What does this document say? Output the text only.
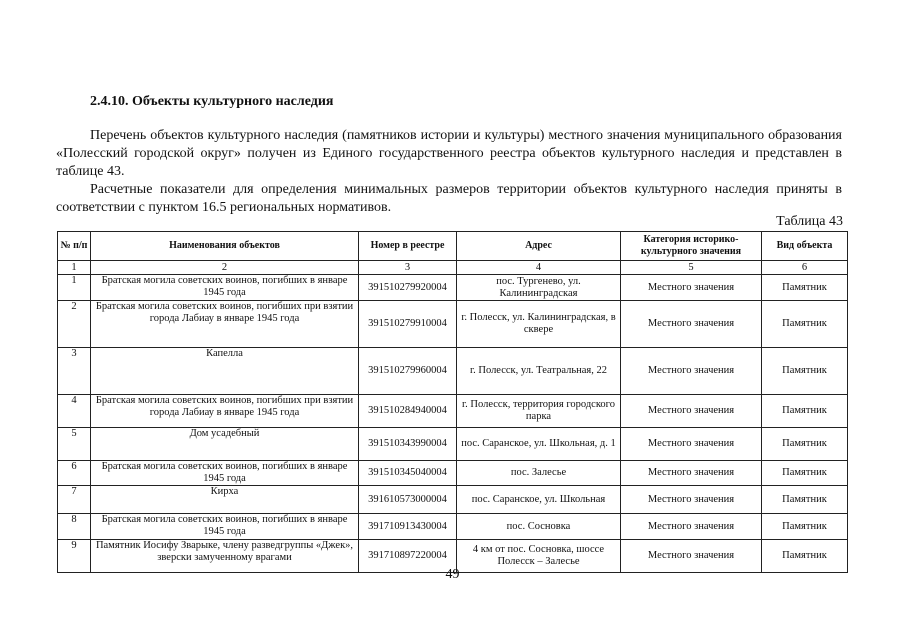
2.4.10. Объекты культурного наследия
Перечень объектов культурного наследия (памятников истории и культуры) местного значения муниципального образования «Полесский городской округ» получен из Единого государственного реестра объектов культурного наследия и представлен в таблице 43.
Расчетные показатели для определения минимальных размеров территории объектов культурного наследия приняты в соответствии с пунктом 16.5 региональных нормативов.
Таблица 43
№ п/п	Наименования объектов	Номер в реестре	Адрес	Категория историко-культурного значения	Вид объекта
1	2	3	4	5	6
1	Братская могила советских воинов, погибших в январе 1945 года	391510279920004	пос. Тургенево, ул. Калининградская	Местного значения	Памятник
2	Братская могила советских воинов, погибших при взятии города Лабиау в январе 1945 года	391510279910004	г. Полесск, ул. Калининградская, в сквере	Местного значения	Памятник
3	Капелла	391510279960004	г. Полесск, ул. Театральная, 22	Местного значения	Памятник
4	Братская могила советских воинов, погибших при взятии города Лабиау в январе 1945 года	391510284940004	г. Полесск, территория городского парка	Местного значения	Памятник
5	Дом усадебный	391510343990004	пос. Саранское, ул. Школьная, д. 1	Местного значения	Памятник
6	Братская могила советских воинов, погибших в январе 1945 года	391510345040004	пос. Залесье	Местного значения	Памятник
7	Кирха	391610573000004	пос. Саранское, ул. Школьная	Местного значения	Памятник
8	Братская могила советских воинов, погибших в январе 1945 года	391710913430004	пос. Сосновка	Местного значения	Памятник
9	Памятник Иосифу Зварыке, члену разведгруппы «Джек», зверски замученному врагами	391710897220004	4 км от пос. Сосновка, шоссе Полесск – Залесье	Местного значения	Памятник
49
